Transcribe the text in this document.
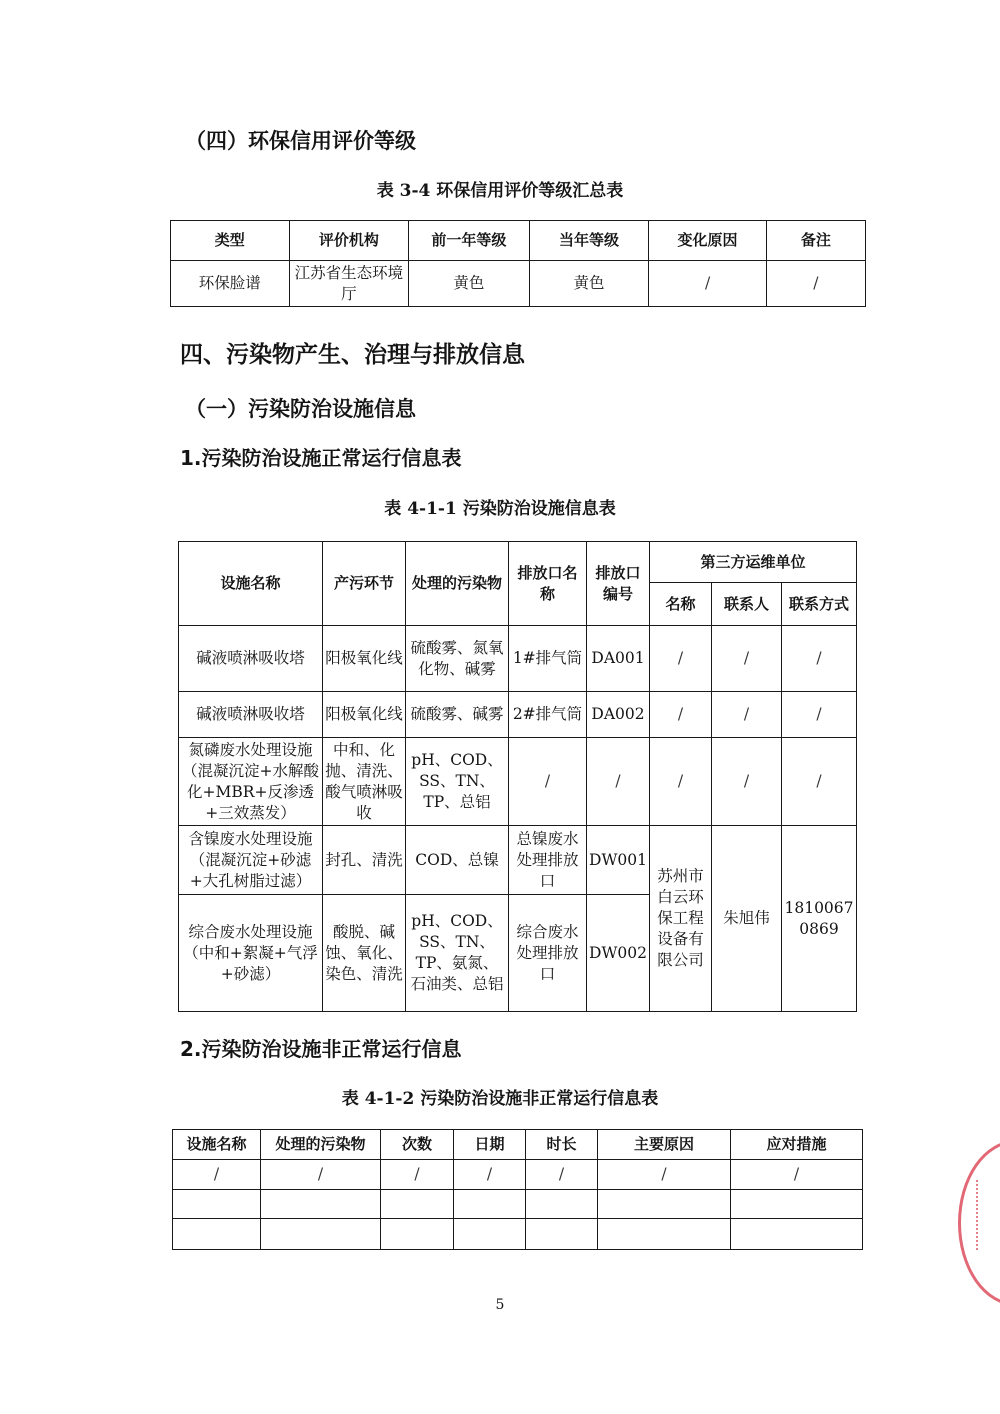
（四）环保信用评价等级
表 3-4 环保信用评价等级汇总表
类型	评价机构	前一年等级	当年等级	变化原因	备注
环保脸谱	江苏省生态环境厅	黄色	黄色	/	/
四、污染物产生、治理与排放信息
（一）污染防治设施信息
1.污染防治设施正常运行信息表
表 4-1-1 污染防治设施信息表
设施名称	产污环节	处理的污染物	排放口名称	排放口编号	第三方运维单位		
					名称	联系人	联系方式
碱液喷淋吸收塔	阳极氧化线	硫酸雾、氮氧化物、碱雾	1#排气筒	DA001	/	/	/
碱液喷淋吸收塔	阳极氧化线	硫酸雾、碱雾	2#排气筒	DA002	/	/	/
氮磷废水处理设施（混凝沉淀+水解酸化+MBR+反渗透+三效蒸发）	中和、化抛、清洗、酸气喷淋吸收	pH、COD、SS、TN、TP、总铝	/	/	/	/	/
含镍废水处理设施（混凝沉淀+砂滤+大孔树脂过滤）	封孔、清洗	COD、总镍	总镍废水处理排放口	DW001	苏州市白云环保工程设备有限公司	朱旭伟	18100670869
综合废水处理设施（中和+絮凝+气浮+砂滤）	酸脱、碱蚀、氧化、染色、清洗	pH、COD、SS、TN、TP、氨氮、石油类、总铝	综合废水处理排放口	DW002			
2.污染防治设施非正常运行信息
表 4-1-2 污染防治设施非正常运行信息表
设施名称	处理的污染物	次数	日期	时长	主要原因	应对措施
/	/	/	/	/	/	/

5
